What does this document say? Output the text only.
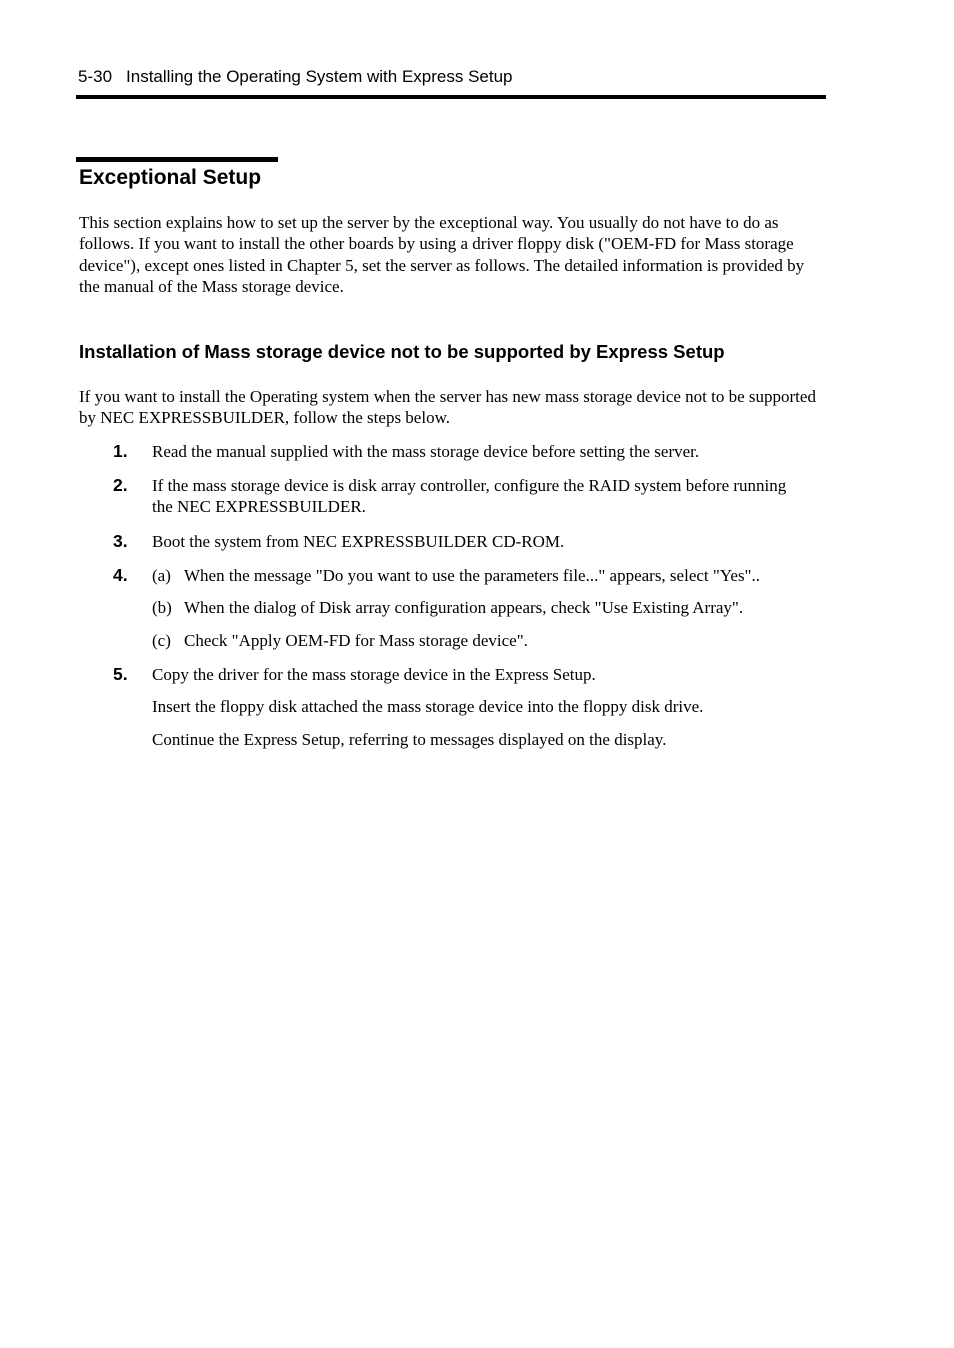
5-30 Installing the Operating System with Express Setup
Exceptional Setup

This section explains how to set up the server by the exceptional way. You usually do not have to do as follows. If you want to install the other boards by using a driver floppy disk ("OEM-FD for Mass storage device"), except ones listed in Chapter 5, set the server as follows. The detailed information is provided by the manual of the Mass storage device.

Installation of Mass storage device not to be supported by Express Setup

If you want to install the Operating system when the server has new mass storage device not to be supported by NEC EXPRESSBUILDER, follow the steps below.

1. Read the manual supplied with the mass storage device before setting the server.

2. If the mass storage device is disk array controller, configure the RAID system before running the NEC EXPRESSBUILDER.

3. Boot the system from NEC EXPRESSBUILDER CD-ROM.

4. (a) When the message "Do you want to use the parameters file..." appears, select "Yes"..
(b) When the dialog of Disk array configuration appears, check "Use Existing Array".
(c) Check "Apply OEM-FD for Mass storage device".
5. Copy the driver for the mass storage device in the Express Setup.

Insert the floppy disk attached the mass storage device into the floppy disk drive.

Continue the Express Setup, referring to messages displayed on the display.
